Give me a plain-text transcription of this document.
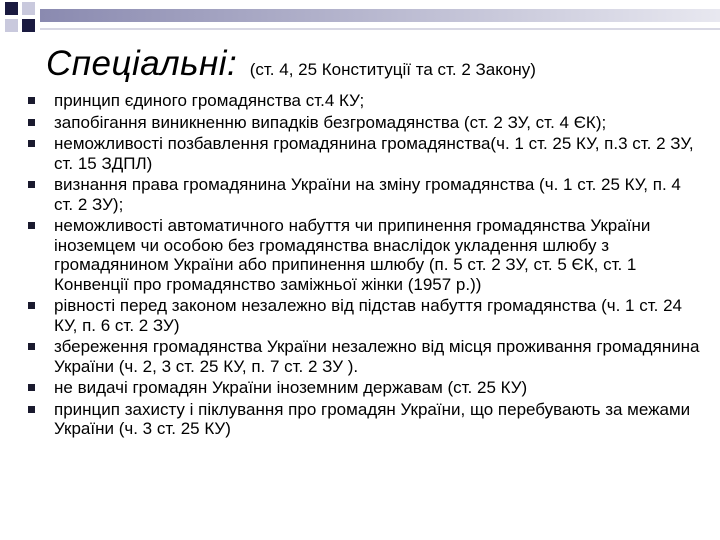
Спеціальні: (ст. 4, 25 Конституції та ст. 2 Закону)
принцип єдиного громадянства ст.4 КУ;
запобігання виникненню випадків безгромадянства (ст. 2 ЗУ, ст. 4 ЄК);
неможливості позбавлення громадянина громадянства(ч. 1 ст. 25 КУ, п.3 ст. 2 ЗУ, ст. 15 ЗДПЛ)
визнання права громадянина України на зміну громадянства (ч. 1 ст. 25 КУ, п. 4 ст. 2 ЗУ);
неможливості автоматичного набуття чи припинення громадянства України іноземцем чи особою без громадянства внаслідок укладення шлюбу з громадянином України або припинення шлюбу (п. 5 ст. 2 ЗУ, ст. 5 ЄК, ст. 1 Конвенції про громадянство заміжньої жінки (1957 р.))
рівності перед законом незалежно від підстав набуття громадянства (ч. 1 ст. 24 КУ, п. 6 ст. 2 ЗУ)
збереження громадянства України незалежно від місця проживання громадянина України (ч. 2, 3 ст. 25 КУ, п. 7 ст. 2 ЗУ ).
не видачі громадян України іноземним державам (ст. 25 КУ)
принцип захисту і піклування про громадян України, що перебувають за межами України (ч. 3 ст. 25 КУ)
